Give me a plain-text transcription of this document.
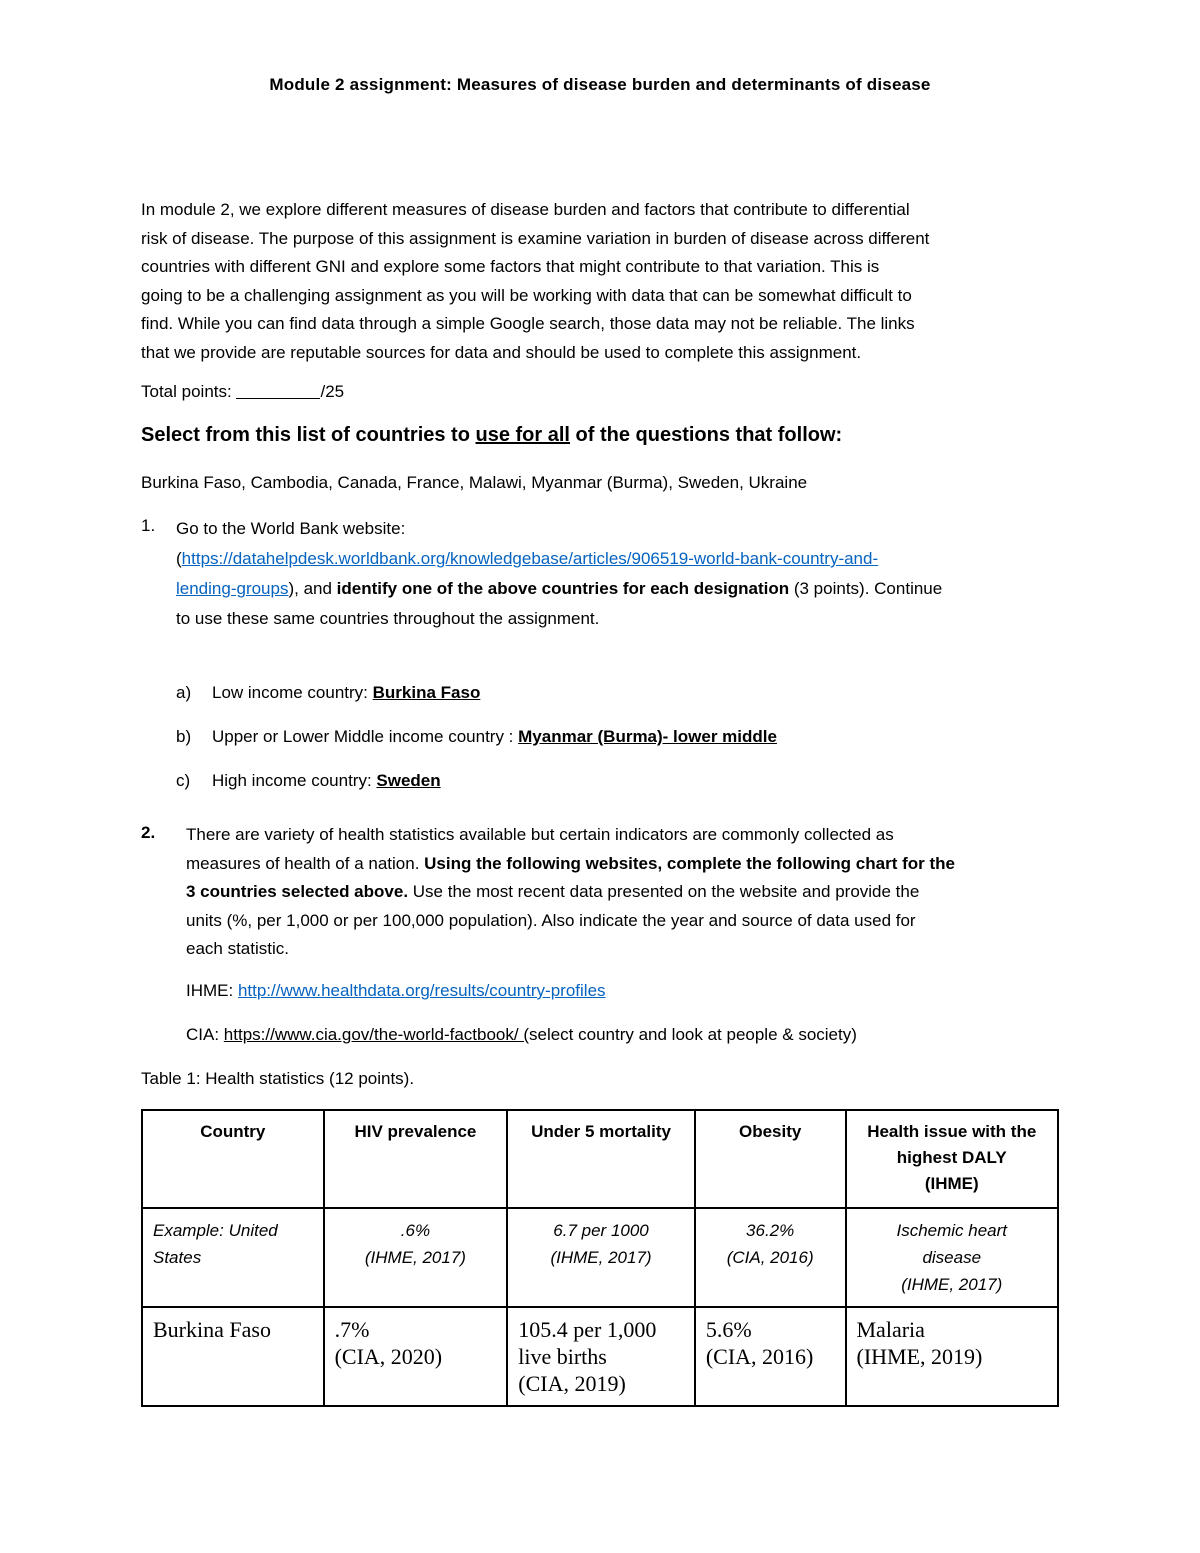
Module 2 assignment: Measures of disease burden and determinants of disease

In module 2, we explore different measures of disease burden and factors that contribute to differential
risk of disease. The purpose of this assignment is examine variation in burden of disease across different
countries with different GNI and explore some factors that might contribute to that variation. This is
going to be a challenging assignment as you will be working with data that can be somewhat difficult to
find. While you can find data through a simple Google search, those data may not be reliable. The links
that we provide are reputable sources for data and should be used to complete this assignment.

Total points:	/25
Select from this list of countries to use for all of the questions that follow:
Burkina Faso, Cambodia, Canada, France, Malawi, Myanmar (Burma), Sweden, Ukraine
1. Go to the World Bank website:
(https://datahelpdesk.worldbank.org/knowledgebase/articles/906519-world-bank-country-and-
lending-groups), and identify one of the above countries for each designation (3 points). Continue
to use these same countries throughout the assignment.

a) Low income country: Burkina Faso
b) Upper or Lower Middle income country : Myanmar (Burma)- lower middle
c) High income country: Sweden
2. There are variety of health statistics available but certain indicators are commonly collected as
measures of health of a nation. Using the following websites, complete the following chart for the
3 countries selected above. Use the most recent data presented on the website and provide the
units (%, per 1,000 or per 100,000 population). Also indicate the year and source of data used for
each statistic.

IHME: http://www.healthdata.org/results/country-profiles
CIA: https://www.cia.gov/the-world-factbook/ (select country and look at people & society)
Table 1: Health statistics (12 points).
Country	HIV prevalence	Under 5 mortality	Obesity	Health issue with the
highest DALY
(IHME)

Example: United
States	.6%
(IHME, 2017)	6.7 per 1000
(IHME, 2017)	36.2%
(CIA, 2016)	Ischemic heart
disease
(IHME, 2017)

Burkina Faso	.7%
(CIA, 2020)	105.4 per 1,000
live births
(CIA, 2019)	5.6%
(CIA, 2016)	Malaria
(IHME, 2019)
